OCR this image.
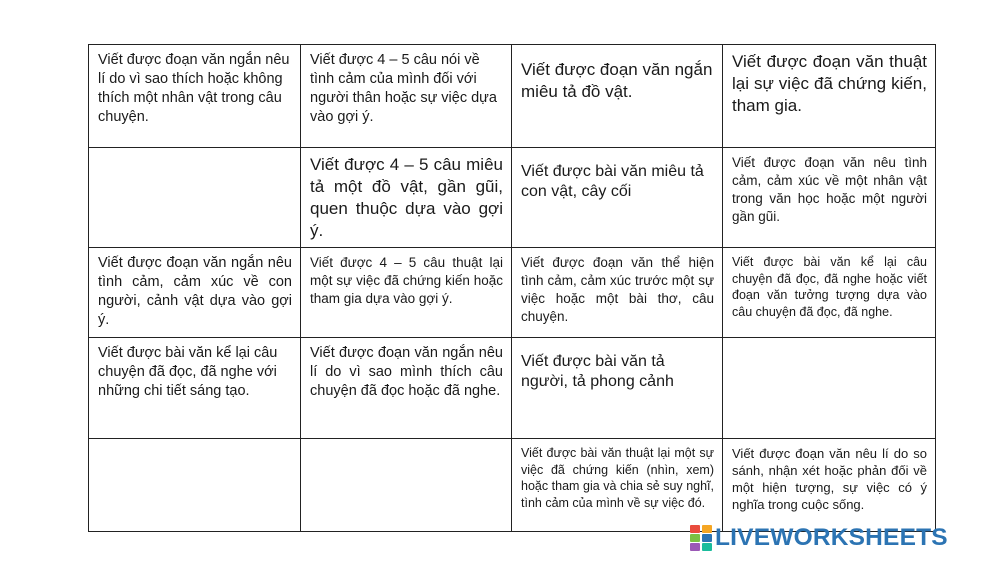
Viết được đoạn văn ngắn nêu lí do vì sao thích hoặc không thích một nhân vật trong câu chuyện.	Viết được 4 – 5 câu nói về tình cảm của mình đối với người thân hoặc sự việc dựa vào gợi ý.	Viết được đoạn văn ngắn miêu tả đồ vật.	Viết được đoạn văn thuật lại sự việc đã chứng kiến, tham gia.

	Viết được 4 – 5 câu miêu tả một đồ vật, gần gũi, quen thuộc dựa vào gợi ý.	Viết được bài văn miêu tả con vật, cây cối	Viết được đoạn văn nêu tình cảm, cảm xúc về một nhân vật trong văn học hoặc một người gần gũi.

Viết được đoạn văn ngắn nêu tình cảm, cảm xúc về con người, cảnh vật dựa vào gợi ý.	Viết được 4 – 5 câu thuật lại một sự việc đã chứng kiến hoặc tham gia dựa vào gợi ý.	Viết được đoạn văn thể hiện tình cảm, cảm xúc trước một sự việc hoặc một bài thơ, câu chuyện.	Viết được bài văn kể lại câu chuyện đã đọc, đã nghe hoặc viết đoạn văn tưởng tượng dựa vào câu chuyện đã đọc, đã nghe.

Viết được bài văn kể lại câu chuyện đã đọc, đã nghe với những chi tiết sáng tạo.	Viết được đoạn văn ngắn nêu lí do vì sao mình thích câu chuyện đã đọc hoặc đã nghe.	Viết được bài văn tả người, tả phong cảnh	

		Viết được bài văn thuật lại một sự việc đã chứng kiến (nhìn, xem) hoặc tham gia và chia sẻ suy nghĩ, tình cảm của mình về sự việc đó.	Viết được đoạn văn nêu lí do so sánh, nhận xét hoặc phản đối về một hiện tượng, sự việc có ý nghĩa trong cuộc sống.
LIVEWORKSHEETS
